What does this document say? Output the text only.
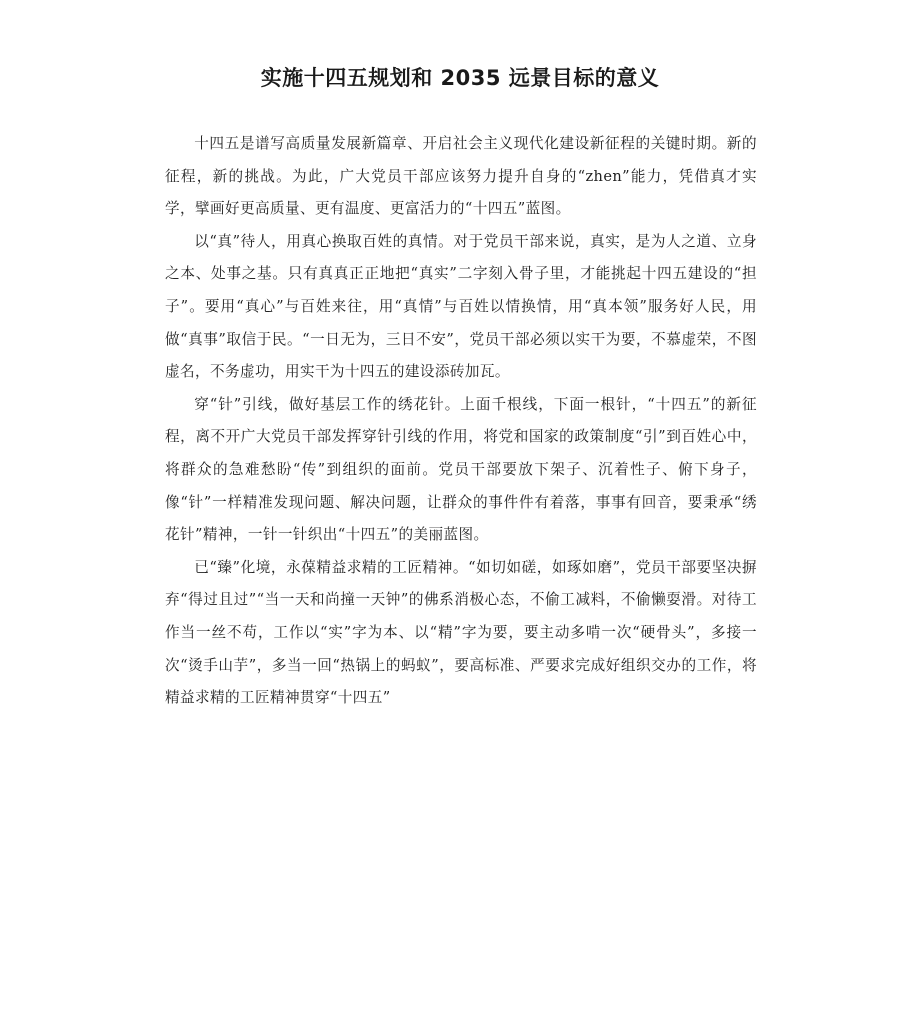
实施十四五规划和 2035 远景目标的意义

十四五是谱写高质量发展新篇章、开启社会主义现代化建设新征程的关键时期。新的征程，新的挑战。为此，广大党员干部应该努力提升自身的“zhen”能力，凭借真才实学，擘画好更高质量、更有温度、更富活力的“十四五”蓝图。

以“真”待人，用真心换取百姓的真情。对于党员干部来说，真实，是为人之道、立身之本、处事之基。只有真真正正地把“真实”二字刻入骨子里，才能挑起十四五建设的“担子”。要用“真心”与百姓来往，用“真情”与百姓以情换情，用“真本领”服务好人民，用做“真事”取信于民。“一日无为，三日不安”，党员干部必须以实干为要，不慕虚荣，不图虚名，不务虚功，用实干为十四五的建设添砖加瓦。

穿“针”引线，做好基层工作的绣花针。上面千根线，下面一根针，“十四五”的新征程，离不开广大党员干部发挥穿针引线的作用，将党和国家的政策制度“引”到百姓心中，将群众的急难愁盼“传”到组织的面前。党员干部要放下架子、沉着性子、俯下身子，像“针”一样精准发现问题、解决问题，让群众的事件件有着落，事事有回音，要秉承“绣花针”精神，一针一针织出“十四五”的美丽蓝图。

已“臻”化境，永葆精益求精的工匠精神。“如切如磋，如琢如磨”，党员干部要坚决摒弃“得过且过”“当一天和尚撞一天钟”的佛系消极心态，不偷工减料，不偷懒耍滑。对待工作当一丝不苟，工作以“实”字为本、以“精”字为要，要主动多啃一次“硬骨头”，多接一次“烫手山芋”，多当一回“热锅上的蚂蚁”，要高标准、严要求完成好组织交办的工作，将精益求精的工匠精神贯穿“十四五”
